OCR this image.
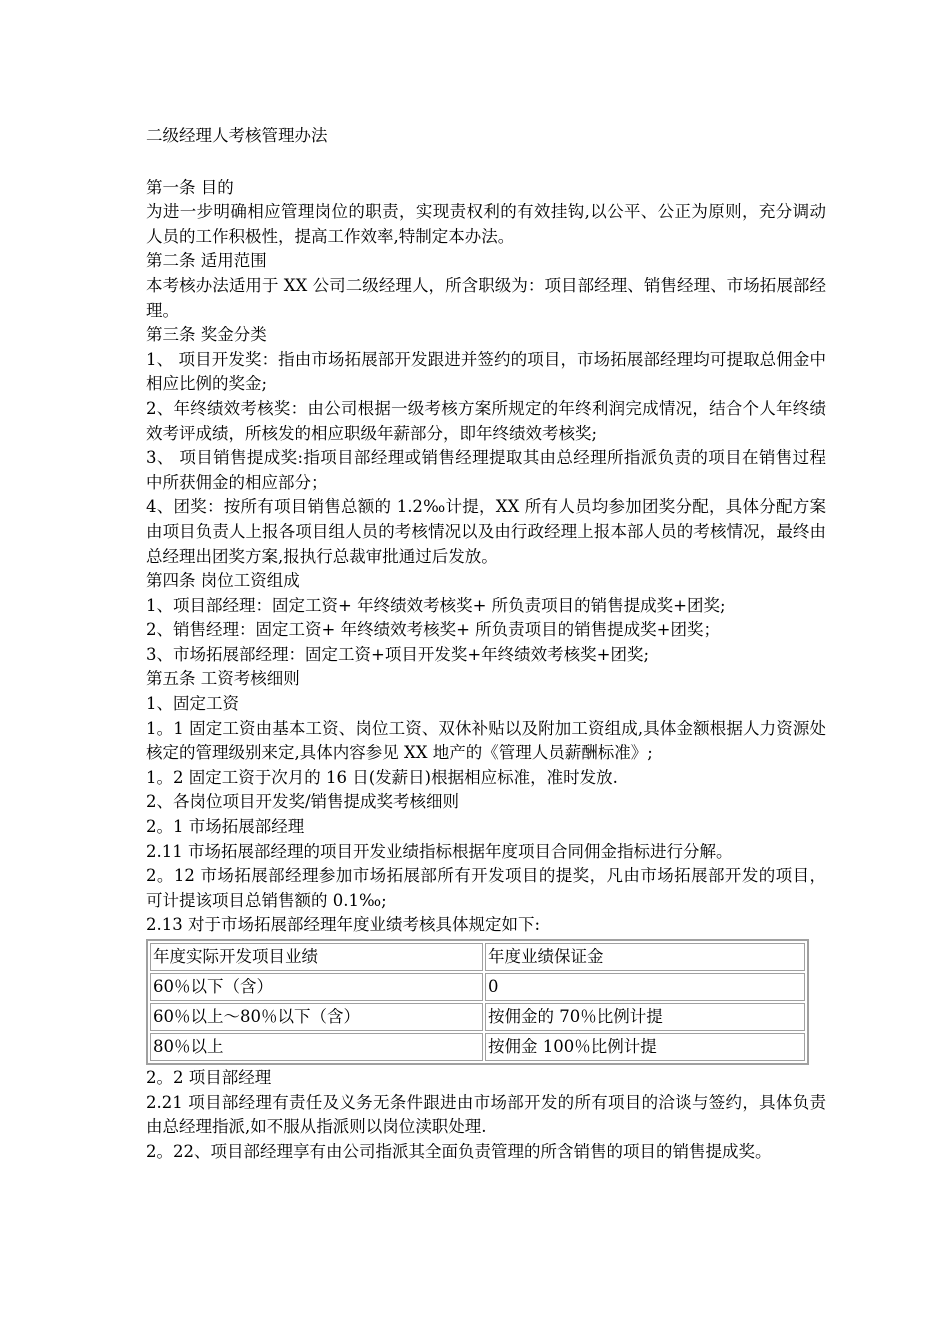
二级经理人考核管理办法

第一条 目的

为进一步明确相应管理岗位的职责，实现责权利的有效挂钩,以公平、公正为原则，充分调动人员的工作积极性，提高工作效率,特制定本办法。

第二条 适用范围

本考核办法适用于 XX 公司二级经理人，所含职级为：项目部经理、销售经理、市场拓展部经理。

第三条 奖金分类

1、 项目开发奖：指由市场拓展部开发跟进并签约的项目，市场拓展部经理均可提取总佣金中相应比例的奖金;

2、年终绩效考核奖：由公司根据一级考核方案所规定的年终利润完成情况，结合个人年终绩效考评成绩，所核发的相应职级年薪部分，即年终绩效考核奖;

3、 项目销售提成奖:指项目部经理或销售经理提取其由总经理所指派负责的项目在销售过程中所获佣金的相应部分；

4、团奖：按所有项目销售总额的 1.2‰计提，XX 所有人员均参加团奖分配，具体分配方案由项目负责人上报各项目组人员的考核情况以及由行政经理上报本部人员的考核情况，最终由总经理出团奖方案,报执行总裁审批通过后发放。

第四条 岗位工资组成

1、项目部经理：固定工资+ 年终绩效考核奖+ 所负责项目的销售提成奖+团奖;

2、销售经理：固定工资+ 年终绩效考核奖+ 所负责项目的销售提成奖+团奖；

3、市场拓展部经理：固定工资+项目开发奖+年终绩效考核奖+团奖;

第五条 工资考核细则

1、固定工资

1。1 固定工资由基本工资、岗位工资、双休补贴以及附加工资组成,具体金额根据人力资源处核定的管理级别来定,具体内容参见 XX 地产的《管理人员薪酬标准》;

1。2 固定工资于次月的 16 日(发薪日)根据相应标准，准时发放.

2、各岗位项目开发奖/销售提成奖考核细则

2。1 市场拓展部经理

2.11 市场拓展部经理的项目开发业绩指标根据年度项目合同佣金指标进行分解。

2。12 市场拓展部经理参加市场拓展部所有开发项目的提奖，凡由市场拓展部开发的项目，可计提该项目总销售额的 0.1‰;

2.13 对于市场拓展部经理年度业绩考核具体规定如下:

年度实际开发项目业绩	年度业绩保证金
60％以下（含）	0
60％以上～80％以下（含）	按佣金的 70％比例计提
80％以上	按佣金 100％比例计提

2。2 项目部经理

2.21 项目部经理有责任及义务无条件跟进由市场部开发的所有项目的洽谈与签约，具体负责由总经理指派,如不服从指派则以岗位渎职处理.

2。22、项目部经理享有由公司指派其全面负责管理的所含销售的项目的销售提成奖。
